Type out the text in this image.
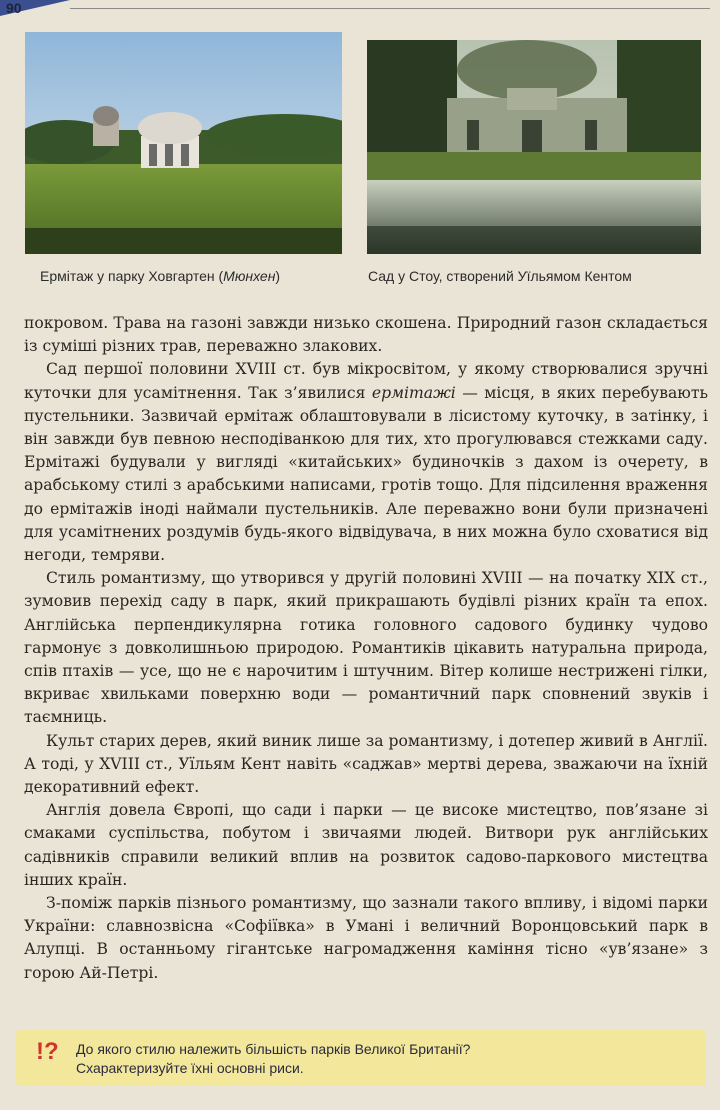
90
Ермітаж у парку Ховгартен (Мюнхен)	Сад у Стоу, створений Уїльямом Кентом

покровом. Трава на газоні завжди низько скошена. Природний газон складається із суміші різних трав, переважно злакових.

Сад першої половини XVIII ст. був мікросвітом, у якому створювалися зручні куточки для усамітнення. Так з’явилися ермітажі — місця, в яких перебувають пустельники. Зазвичай ермітаж облаштовували в лісистому куточку, в затінку, і він завжди був певною несподіванкою для тих, хто прогулювався стежками саду. Ермітажі будували у вигляді «китайських» будиночків з дахом із очерету, в арабському стилі з арабськими написами, гротів тощо. Для підсилення враження до ермітажів іноді наймали пустельників. Але переважно вони були призначені для усамітнених роздумів будь-якого відвідувача, в них можна було сховатися від негоди, темряви.

Стиль романтизму, що утворився у другій половині XVIII — на початку XIX ст., зумовив перехід саду в парк, який прикрашають будівлі різних країн та епох. Англійська перпендикулярна готика головного садового будинку чудово гармонує з довколишньою природою. Романтиків цікавить натуральна природа, спів птахів — усе, що не є нарочитим і штучним. Вітер колише нестрижені гілки, вкриває хвильками поверхню води — романтичний парк сповнений звуків і таємниць.

Культ старих дерев, який виник лише за романтизму, і дотепер живий в Англії. А тоді, у XVIII ст., Уїльям Кент навіть «саджав» мертві дерева, зважаючи на їхній декоративний ефект.

Англія довела Європі, що сади і парки — це високе мистецтво, пов’язане зі смаками суспільства, побутом і звичаями людей. Витвори рук англійських садівників справили великий вплив на розвиток садово-паркового мистецтва інших країн.

З-поміж парків пізнього романтизму, що зазнали такого впливу, і відомі парки України: славнозвісна «Софіївка» в Умані і величний Воронцовський парк в Алупці. В останньому гігантське нагромадження каміння тісно «ув’язане» з горою Ай-Петрі.

!? До якого стилю належить більшість парків Великої Британії?
Схарактеризуйте їхні основні риси.
